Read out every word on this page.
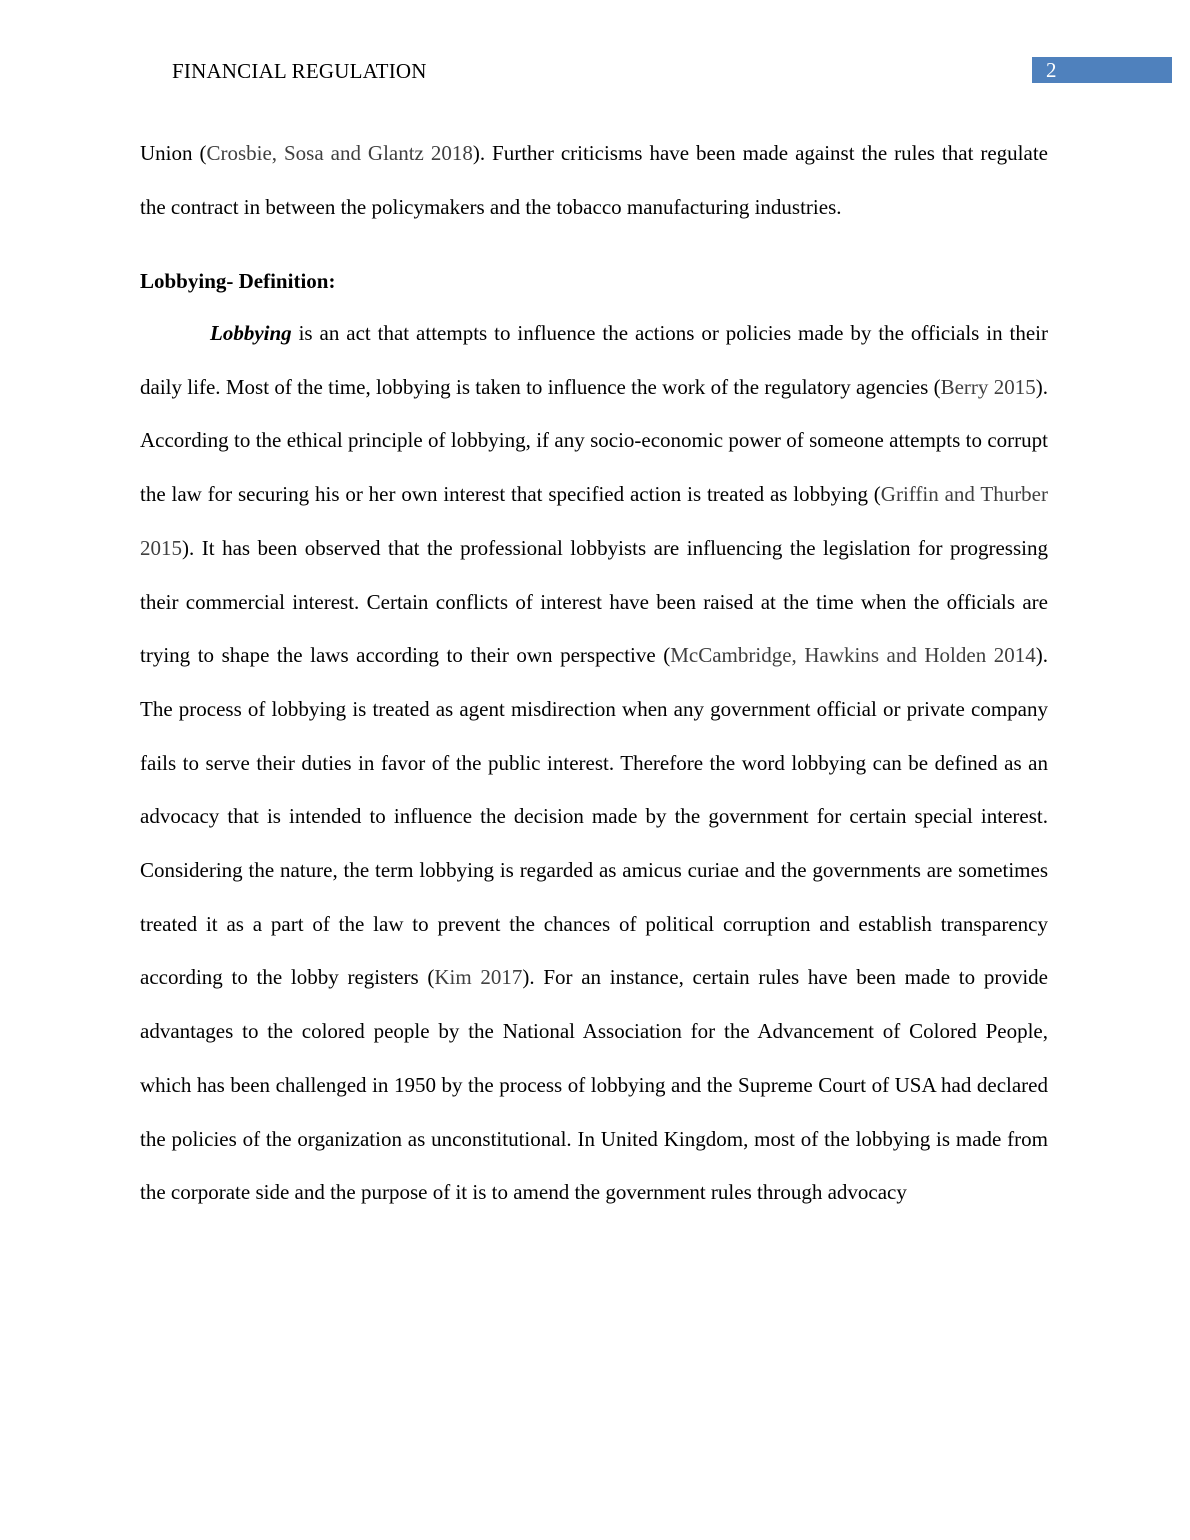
FINANCIAL REGULATION	2

Union (Crosbie, Sosa and Glantz 2018). Further criticisms have been made against the rules that regulate the contract in between the policymakers and the tobacco manufacturing industries.

Lobbying- Definition:

Lobbying is an act that attempts to influence the actions or policies made by the officials in their daily life. Most of the time, lobbying is taken to influence the work of the regulatory agencies (Berry 2015). According to the ethical principle of lobbying, if any socio-economic power of someone attempts to corrupt the law for securing his or her own interest that specified action is treated as lobbying (Griffin and Thurber 2015). It has been observed that the professional lobbyists are influencing the legislation for progressing their commercial interest. Certain conflicts of interest have been raised at the time when the officials are trying to shape the laws according to their own perspective (McCambridge, Hawkins and Holden 2014). The process of lobbying is treated as agent misdirection when any government official or private company fails to serve their duties in favor of the public interest. Therefore the word lobbying can be defined as an advocacy that is intended to influence the decision made by the government for certain special interest. Considering the nature, the term lobbying is regarded as amicus curiae and the governments are sometimes treated it as a part of the law to prevent the chances of political corruption and establish transparency according to the lobby registers (Kim 2017). For an instance, certain rules have been made to provide advantages to the colored people by the National Association for the Advancement of Colored People, which has been challenged in 1950 by the process of lobbying and the Supreme Court of USA had declared the policies of the organization as unconstitutional. In United Kingdom, most of the lobbying is made from the corporate side and the purpose of it is to amend the government rules through advocacy
